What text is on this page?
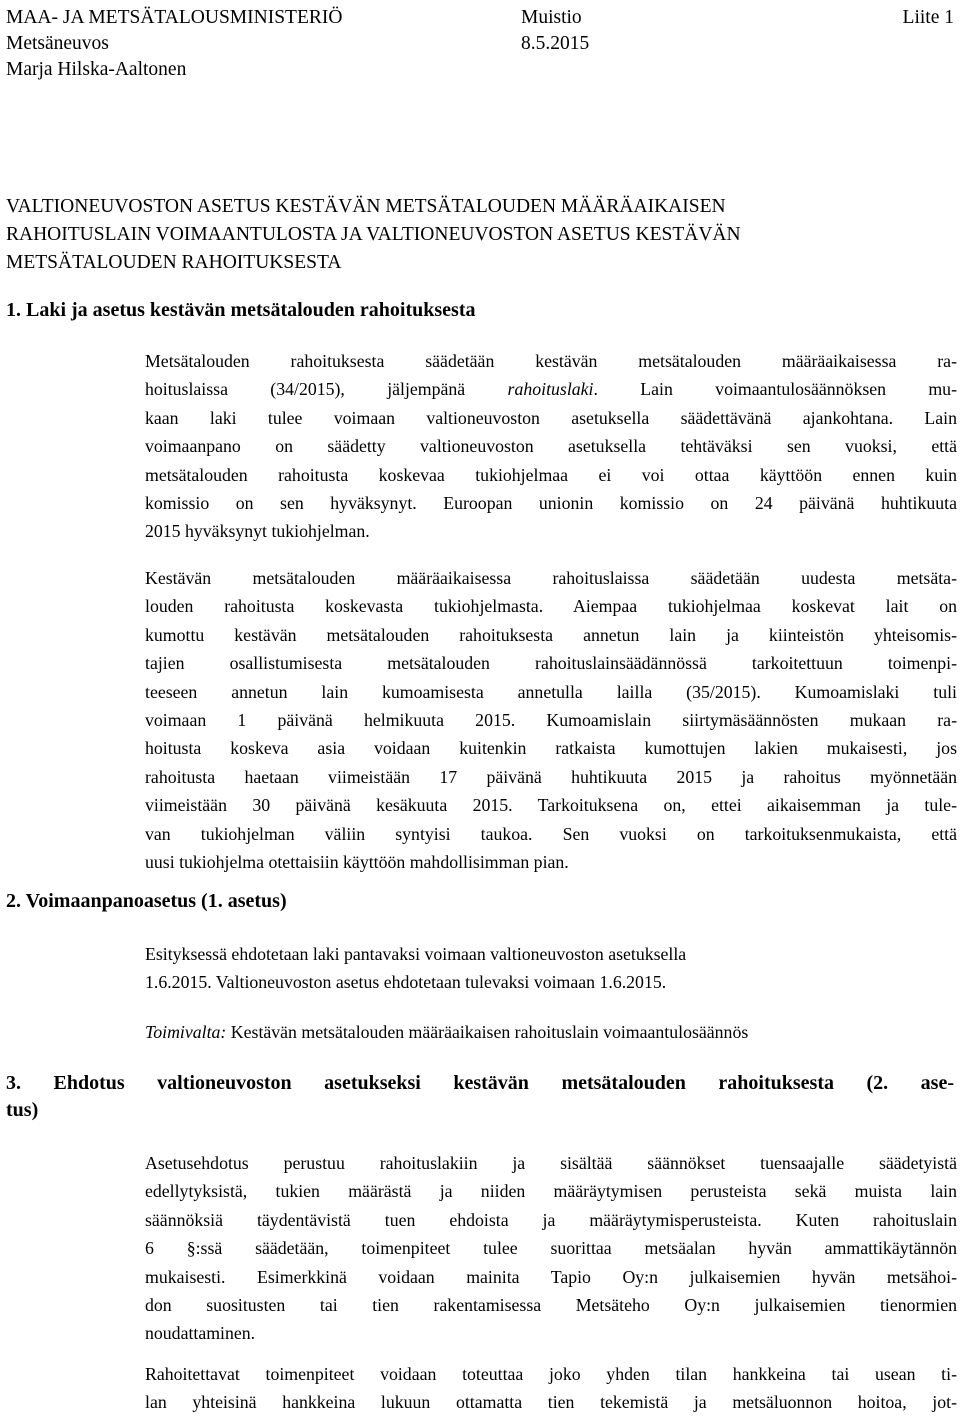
MAA- JA METSÄTALOUSMINISTERIÖ	Muistio	Liite 1
Metsäneuvos	8.5.2015
Marja Hilska-Aaltonen
VALTIONEUVOSTON ASETUS KESTÄVÄN METSÄTALOUDEN MÄÄRÄAIKAISEN
RAHOITUSLAIN VOIMAANTULOSTA JA VALTIONEUVOSTON ASETUS KESTÄVÄN
METSÄTALOUDEN RAHOITUKSESTA
1. Laki ja asetus kestävän metsätalouden rahoituksesta
Metsätalouden rahoituksesta säädetään kestävän metsätalouden määräaikaisessa ra-
hoituslaissa (34/2015), jäljempänä rahoituslaki. Lain voimaantulosäännöksen mu-
kaan laki tulee voimaan valtioneuvoston asetuksella säädettävänä ajankohtana. Lain
voimaanpano on säädetty valtioneuvoston asetuksella tehtäväksi sen vuoksi, että
metsätalouden rahoitusta koskevaa tukiohjelmaa ei voi ottaa käyttöön ennen kuin
komissio on sen hyväksynyt. Euroopan unionin komissio on 24 päivänä huhtikuuta
2015 hyväksynyt tukiohjelman.
Kestävän metsätalouden määräaikaisessa rahoituslaissa säädetään uudesta metsäta-
louden rahoitusta koskevasta tukiohjelmasta. Aiempaa tukiohjelmaa koskevat lait on
kumottu kestävän metsätalouden rahoituksesta annetun lain ja kiinteistön yhteisomis-
tajien osallistumisesta metsätalouden rahoituslainsäädännössä tarkoitettuun toimenpi-
teeseen annetun lain kumoamisesta annetulla lailla (35/2015). Kumoamislaki tuli
voimaan 1 päivänä helmikuuta 2015. Kumoamislain siirtymäsäännösten mukaan ra-
hoitusta koskeva asia voidaan kuitenkin ratkaista kumottujen lakien mukaisesti, jos
rahoitusta haetaan viimeistään 17 päivänä huhtikuuta 2015 ja rahoitus myönnetään
viimeistään 30 päivänä kesäkuuta 2015. Tarkoituksena on, ettei aikaisemman ja tule-
van tukiohjelman väliin syntyisi taukoa. Sen vuoksi on tarkoituksenmukaista, että
uusi tukiohjelma otettaisiin käyttöön mahdollisimman pian.
2. Voimaanpanoasetus (1. asetus)
Esityksessä ehdotetaan laki pantavaksi voimaan valtioneuvoston asetuksella
1.6.2015. Valtioneuvoston asetus ehdotetaan tulevaksi voimaan 1.6.2015.
Toimivalta: Kestävän metsätalouden määräaikaisen rahoituslain voimaantulosäännös
3. Ehdotus valtioneuvoston asetukseksi kestävän metsätalouden rahoituksesta (2. ase-
tus)
Asetusehdotus perustuu rahoituslakiin ja sisältää säännökset tuensaajalle säädetyistä
edellytyksistä, tukien määrästä ja niiden määräytymisen perusteista sekä muista lain
säännöksiä täydentävistä tuen ehdoista ja määräytymisperusteista. Kuten rahoituslain
6 §:ssä säädetään, toimenpiteet tulee suorittaa metsäalan hyvän ammattikäytännön
mukaisesti. Esimerkkinä voidaan mainita Tapio Oy:n julkaisemien hyvän metsähoi-
don suositusten tai tien rakentamisessa Metsäteho Oy:n julkaisemien tienormien
noudattaminen.
Rahoitettavat toimenpiteet voidaan toteuttaa joko yhden tilan hankkeina tai usean ti-
lan yhteisinä hankkeina lukuun ottamatta tien tekemistä ja metsäluonnon hoitoa, jot-
